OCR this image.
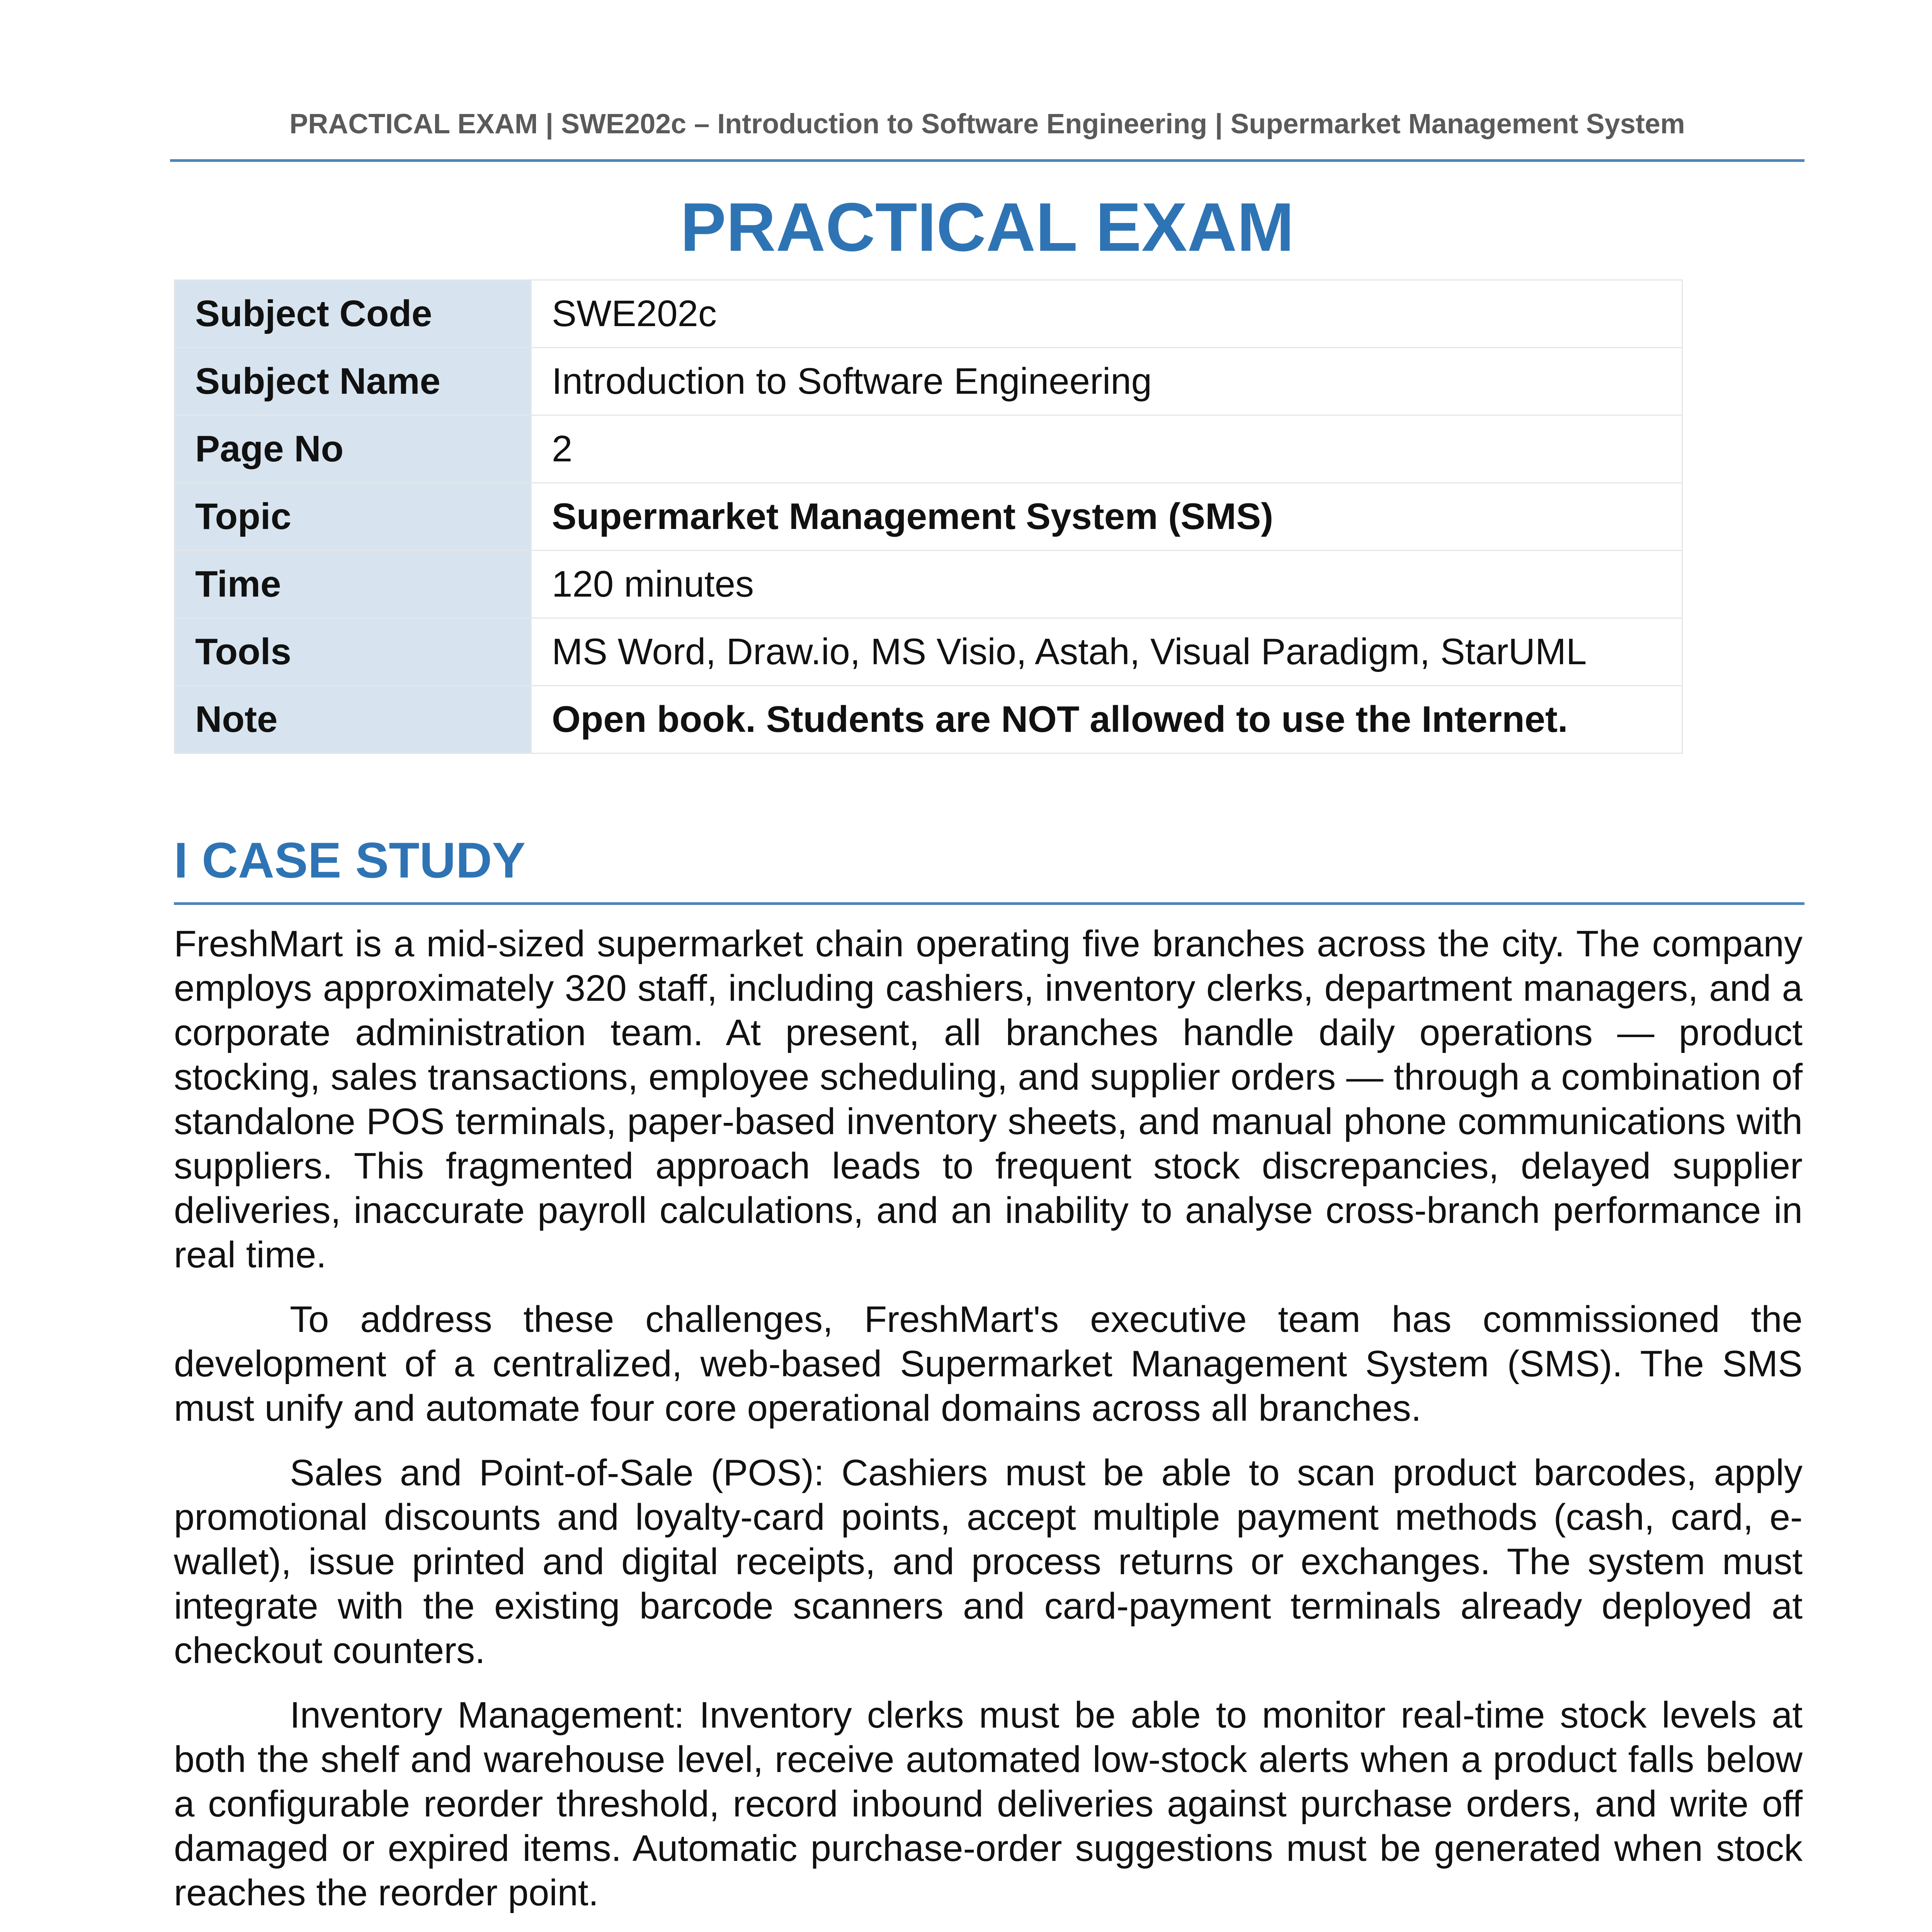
PRACTICAL EXAM | SWE202c – Introduction to Software Engineering | Supermarket Management System
PRACTICAL EXAM
Subject Code	SWE202c
Subject Name	Introduction to Software Engineering
Page No	2
Topic	Supermarket Management System (SMS)
Time	120 minutes
Tools	MS Word, Draw.io, MS Visio, Astah, Visual Paradigm, StarUML
Note	Open book. Students are NOT allowed to use the Internet.
I CASE STUDY

FreshMart is a mid-sized supermarket chain operating five branches across the city. The company employs approximately 320 staff, including cashiers, inventory clerks, department managers, and a corporate administration team. At present, all branches handle daily operations — product stocking, sales transactions, employee scheduling, and supplier orders — through a combination of standalone POS terminals, paper-based inventory sheets, and manual phone communications with suppliers. This fragmented approach leads to frequent stock discrepancies, delayed supplier deliveries, inaccurate payroll calculations, and an inability to analyse cross-branch performance in real time.

To address these challenges, FreshMart's executive team has commissioned the development of a centralized, web-based Supermarket Management System (SMS). The SMS must unify and automate four core operational domains across all branches.

Sales and Point-of-Sale (POS): Cashiers must be able to scan product barcodes, apply promotional discounts and loyalty-card points, accept multiple payment methods (cash, card, e-wallet), issue printed and digital receipts, and process returns or exchanges. The system must integrate with the existing barcode scanners and card-payment terminals already deployed at checkout counters.

Inventory Management: Inventory clerks must be able to monitor real-time stock levels at both the shelf and warehouse level, receive automated low-stock alerts when a product falls below a configurable reorder threshold, record inbound deliveries against purchase orders, and write off damaged or expired items. Automatic purchase-order suggestions must be generated when stock reaches the reorder point.
